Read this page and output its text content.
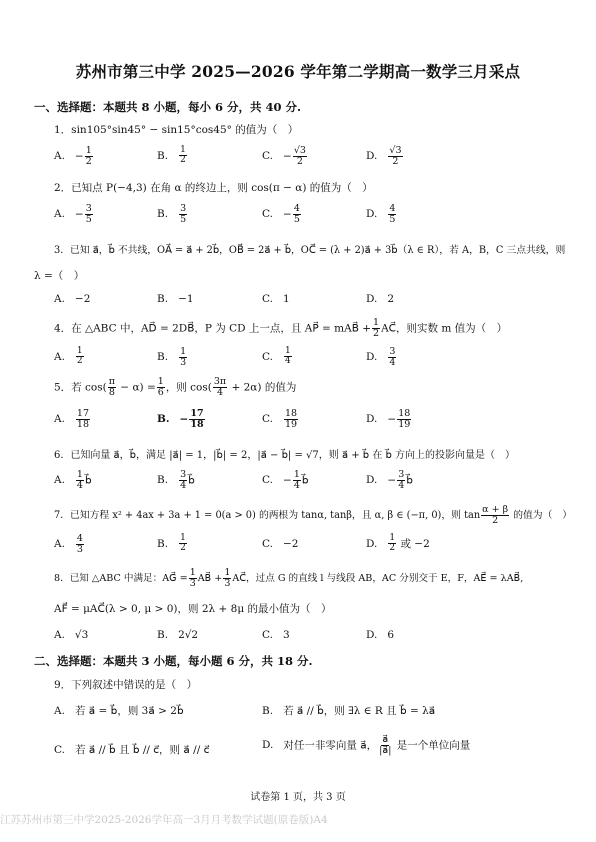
苏州市第三中学 2025—2026 学年第二学期高一数学三月采点
一、选择题：本题共 8 小题，每小 6 分，共 40 分.
1．sin105°sin45° − sin15°cos45° 的值为（　）
A. − $\frac{1}{2}$	B. $\frac{1}{2}$	C. − $\frac{√3}{2}$	D. $\frac{√3}{2}$
2．已知点 P(−4,3) 在角 α 的终边上，则 cos(π − α) 的值为（　）
A. − $\frac{3}{5}$	B. $\frac{3}{5}$	C. − $\frac{4}{5}$	D. $\frac{4}{5}$
3．已知 a⃗，b⃗ 不共线，OA⃗ = a⃗ + 2b⃗，OB⃗ = 2a⃗ + b⃗，OC⃗ = (λ + 2)a⃗ + 3b⃗（λ ∈ R），若 A，B，C 三点共线，则
λ =（　）
A. −2	B. −1	C. 1	D. 2
4．在 △ABC 中，AD⃗ = 2DB⃗，P 为 CD 上一点，且 AP⃗ = mAB⃗ + $\frac{1}{2}$ AC⃗，则实数 m 值为（　）
A. $\frac{1}{2}$	B. $\frac{1}{3}$	C. $\frac{1}{4}$	D. $\frac{3}{4}$
5．若 $\cos( \frac{\pi}{8} - \alpha) = \frac{1}{6}$ ，则 $\cos( \frac{3\pi}{4} + 2\alpha)$ 的值为
A. $\frac{17}{18}$	B. − $\frac{17}{18}$	C. $\frac{18}{19}$	D. − $\frac{18}{19}$
6．已知向量 a⃗，b⃗，满足 |a⃗| = 1，|b⃗| = 2，|a⃗ − b⃗| = √7，则 a⃗ + b⃗ 在 b⃗ 方向上的投影向量是（　）
A. $\frac{1}{4}$ b⃗	B. $\frac{3}{4}$ b⃗	C. − $\frac{1}{4}$ b⃗	D. − $\frac{3}{4}$ b⃗
7．已知方程 x² + 4ax + 3a + 1 = 0(a > 0) 的两根为 tanα, tanβ，且 α, β ∈ (−π, 0)，则 $\tan \frac{\alpha + \beta}{2}$ 的值为（　）
A. $\frac{4}{3}$	B. $\frac{1}{2}$	C. −2	D. $\frac{1}{2}$ 或 −2
8．已知 △ABC 中满足：AG⃗ = $\frac{1}{3}$ AB⃗ + $\frac{1}{3}$ AC⃗，过点 G 的直线 l 与线段 AB，AC 分别交于 E，F，AE⃗ = λAB⃗,
AF⃗ = μAC⃗(λ > 0, μ > 0)，则 2λ + 8μ 的最小值为（　）
A. √3	B. 2√2	C. 3	D. 6
二、选择题：本题共 3 小题，每小题 6 分，共 18 分.
9．下列叙述中错误的是（　）
A. 若 a⃗ = b⃗，则 3a⃗ > 2b⃗	B. 若 a⃗ // b⃗，则 ∃λ ∈ R 且 b⃗ = λa⃗
C. 若 a⃗ // b⃗ 且 b⃗ // c⃗，则 a⃗ // c⃗	D. 对任一非零向量 a⃗， $\frac{a⃗}{|a⃗|}$ 是一个单位向量
试卷第 1 页，共 3 页
江苏苏州市第三中学2025-2026学年高一3月月考数学试题(原卷版)A4
